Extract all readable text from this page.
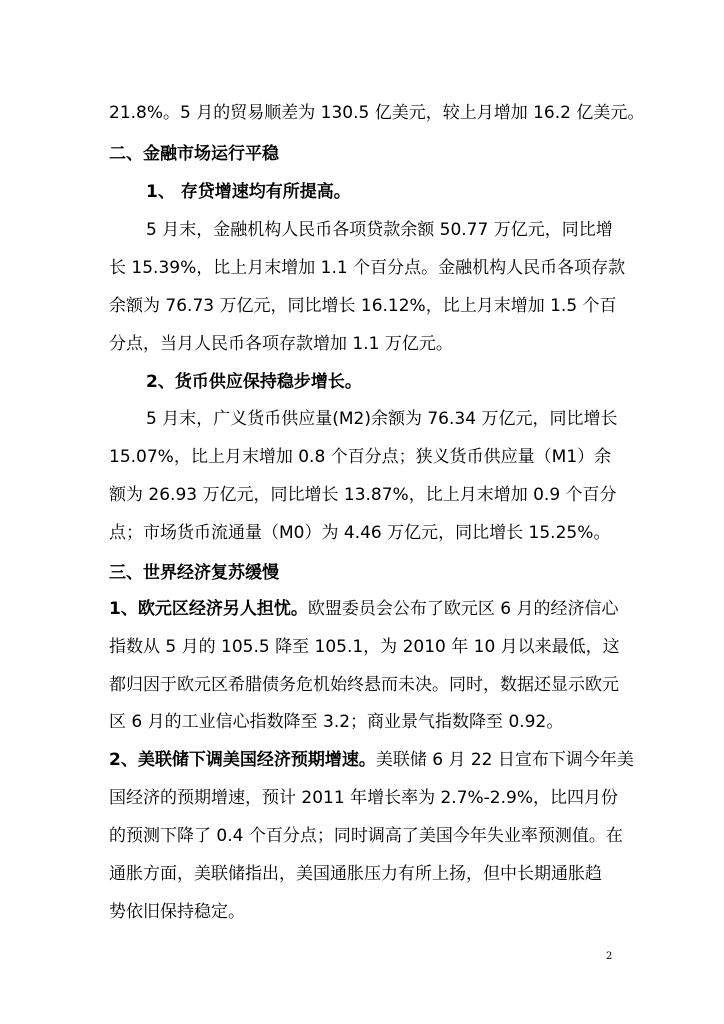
21.8%。5 月的贸易顺差为 130.5 亿美元，较上月增加 16.2 亿美元。
二、金融市场运行平稳
1、 存贷增速均有所提高。
5 月末，金融机构人民币各项贷款余额 50.77 万亿元，同比增
长 15.39%，比上月末增加 1.1 个百分点。金融机构人民币各项存款
余额为 76.73 万亿元，同比增长 16.12%，比上月末增加 1.5 个百
分点，当月人民币各项存款增加 1.1 万亿元。
2、货币供应保持稳步增长。
5 月末，广义货币供应量(M2)余额为 76.34 万亿元，同比增长
15.07%，比上月末增加 0.8 个百分点；狭义货币供应量（M1）余
额为 26.93 万亿元，同比增长 13.87%，比上月末增加 0.9 个百分
点；市场货币流通量（M0）为 4.46 万亿元，同比增长 15.25%。
三、世界经济复苏缓慢
1、欧元区经济另人担忧。欧盟委员会公布了欧元区 6 月的经济信心
指数从 5 月的 105.5 降至 105.1，为 2010 年 10 月以来最低，这
都归因于欧元区希腊债务危机始终悬而未决。同时，数据还显示欧元
区 6 月的工业信心指数降至 3.2；商业景气指数降至 0.92。
2、美联储下调美国经济预期增速。美联储 6 月 22 日宣布下调今年美
国经济的预期增速，预计 2011 年增长率为 2.7%-2.9%，比四月份
的预测下降了 0.4 个百分点；同时调高了美国今年失业率预测值。在
通胀方面，美联储指出，美国通胀压力有所上扬，但中长期通胀趋
势依旧保持稳定。
2
